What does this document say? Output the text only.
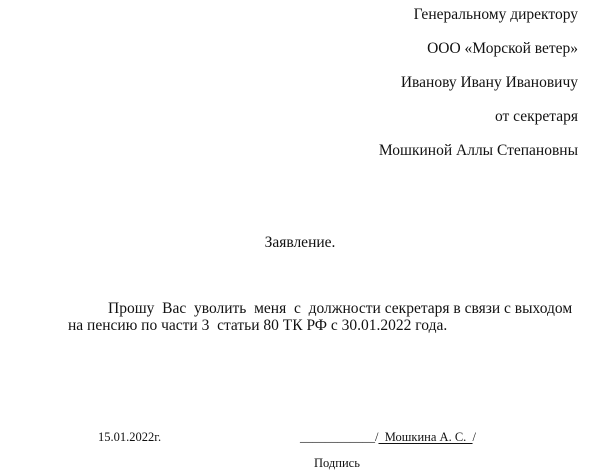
Генеральному директору
ООО «Морской ветер»
Иванову Ивану Ивановичу
от секретаря
Мошкиной Аллы Степановны
Заявление.
Прошу  Вас  уволить  меня  с  должности секретаря в связи с выходом
на пенсию по части 3  статьи 80 ТК РФ с 30.01.2022 года.
15.01.2022г.	____________/  Мошкина А. С.  /
Подпись
